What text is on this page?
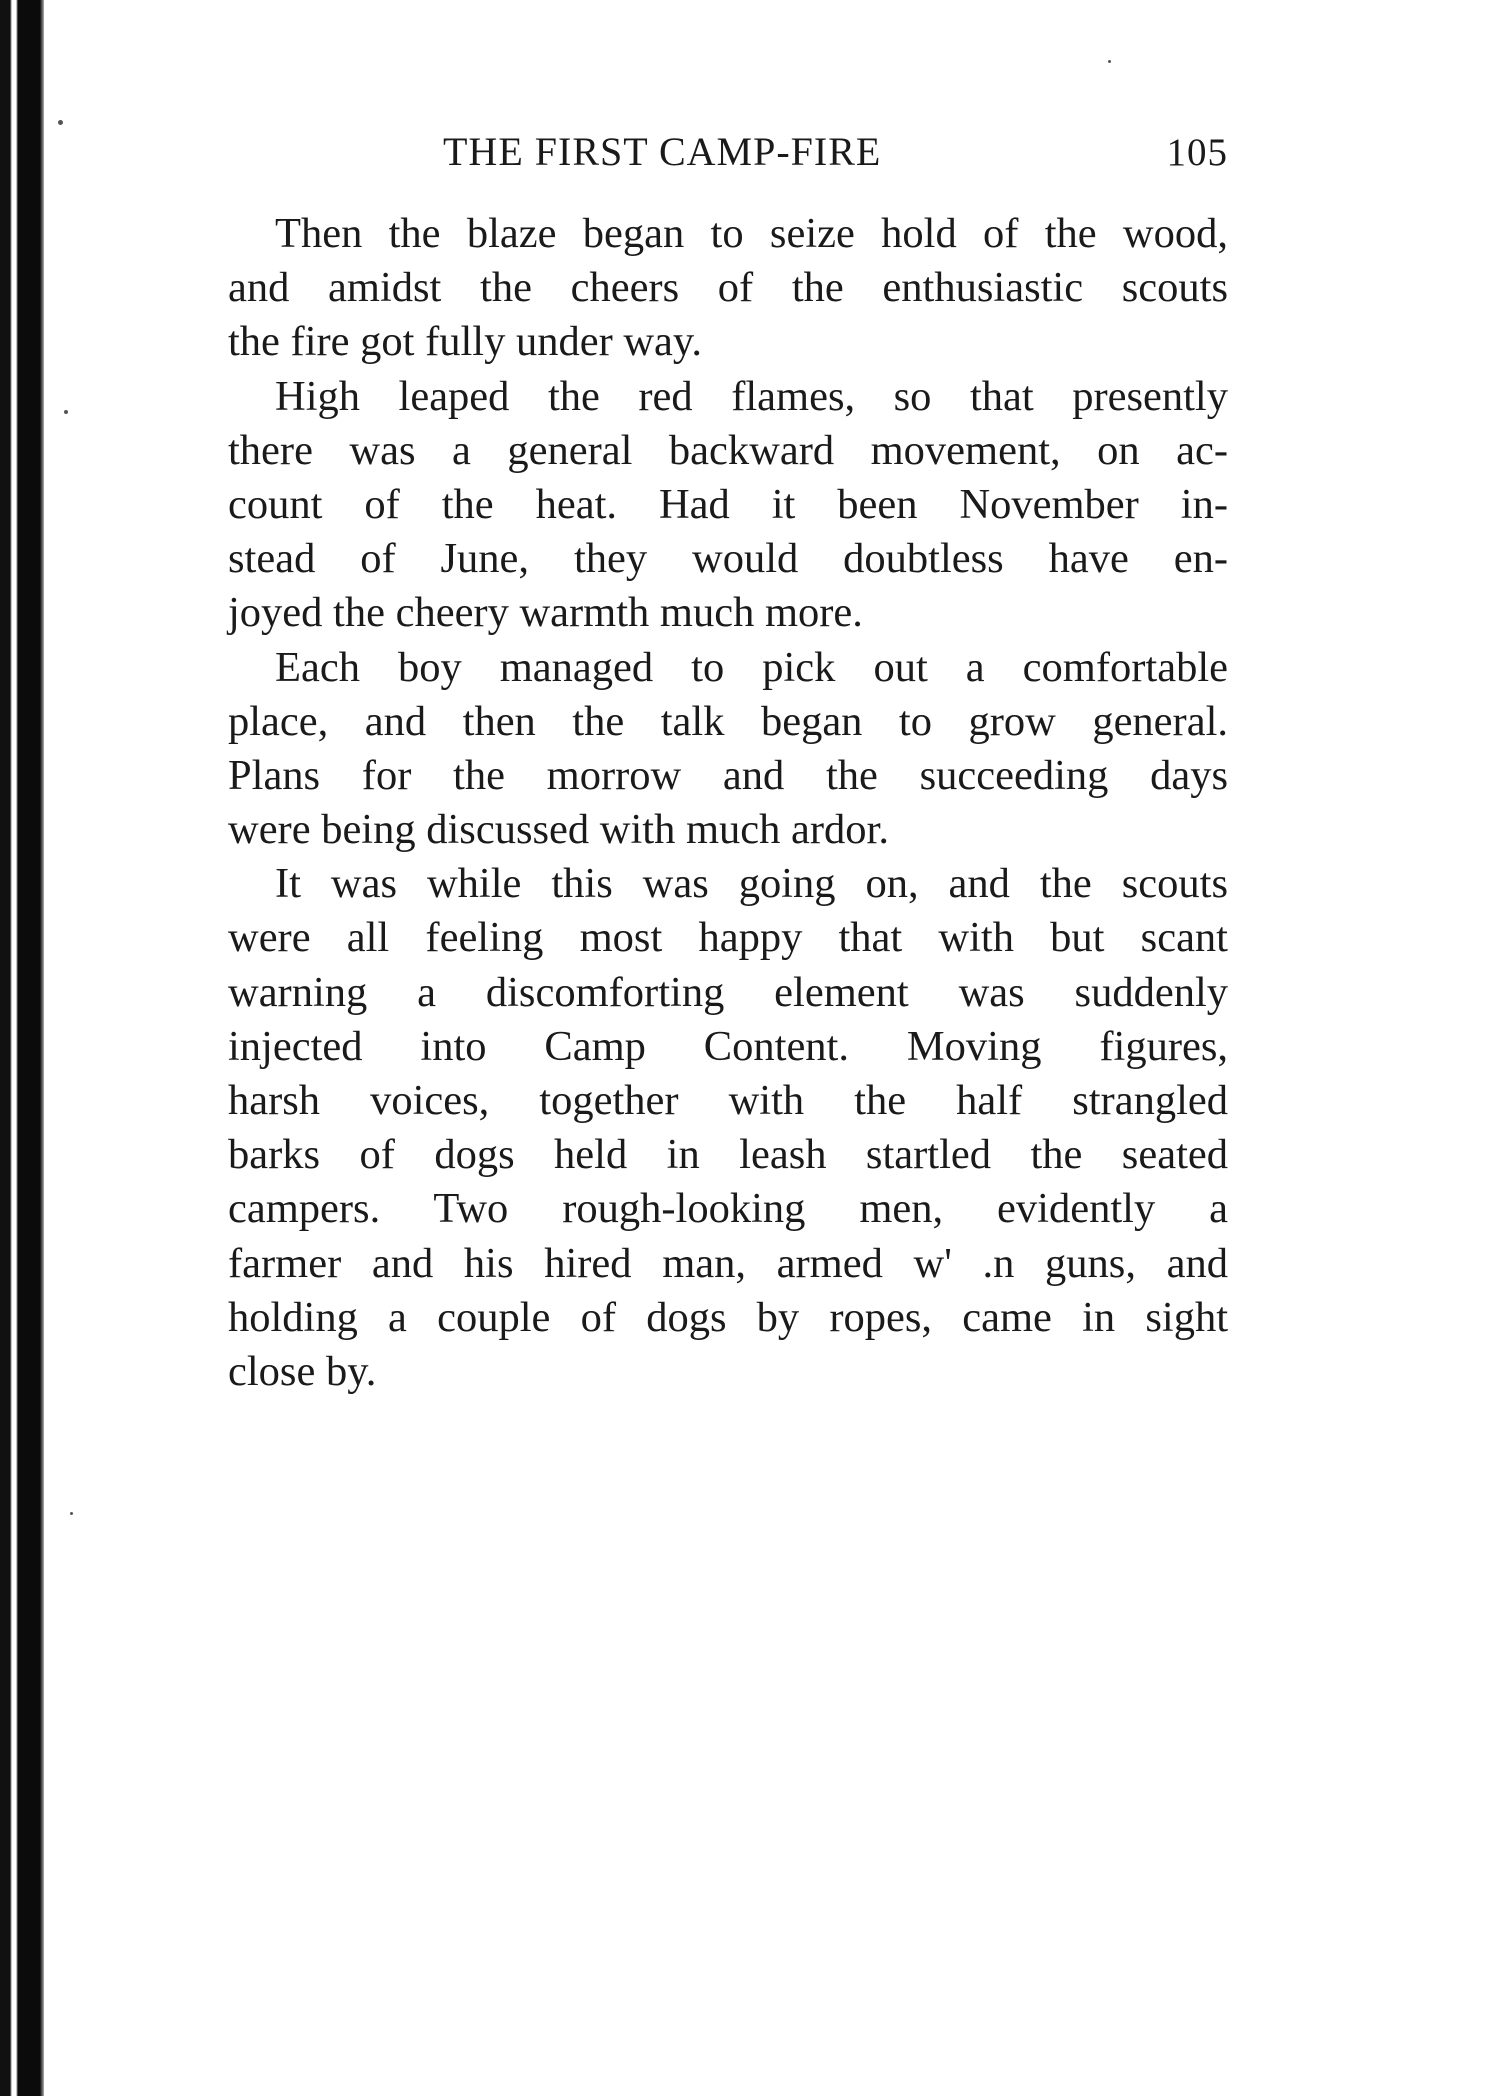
THE FIRST CAMP-FIRE	105
Then the blaze began to seize hold of the wood,
and amidst the cheers of the enthusiastic scouts
the fire got fully under way.
High leaped the red flames, so that presently
there was a general backward movement, on ac-
count of the heat. Had it been November in-
stead of June, they would doubtless have en-
joyed the cheery warmth much more.
Each boy managed to pick out a comfortable
place, and then the talk began to grow general.
Plans for the morrow and the succeeding days
were being discussed with much ardor.
It was while this was going on, and the scouts
were all feeling most happy that with but scant
warning a discomforting element was suddenly
injected into Camp Content. Moving figures,
harsh voices, together with the half strangled
barks of dogs held in leash startled the seated
campers. Two rough-looking men, evidently a
farmer and his hired man, armed w' .n guns, and
holding a couple of dogs by ropes, came in sight
close by.
